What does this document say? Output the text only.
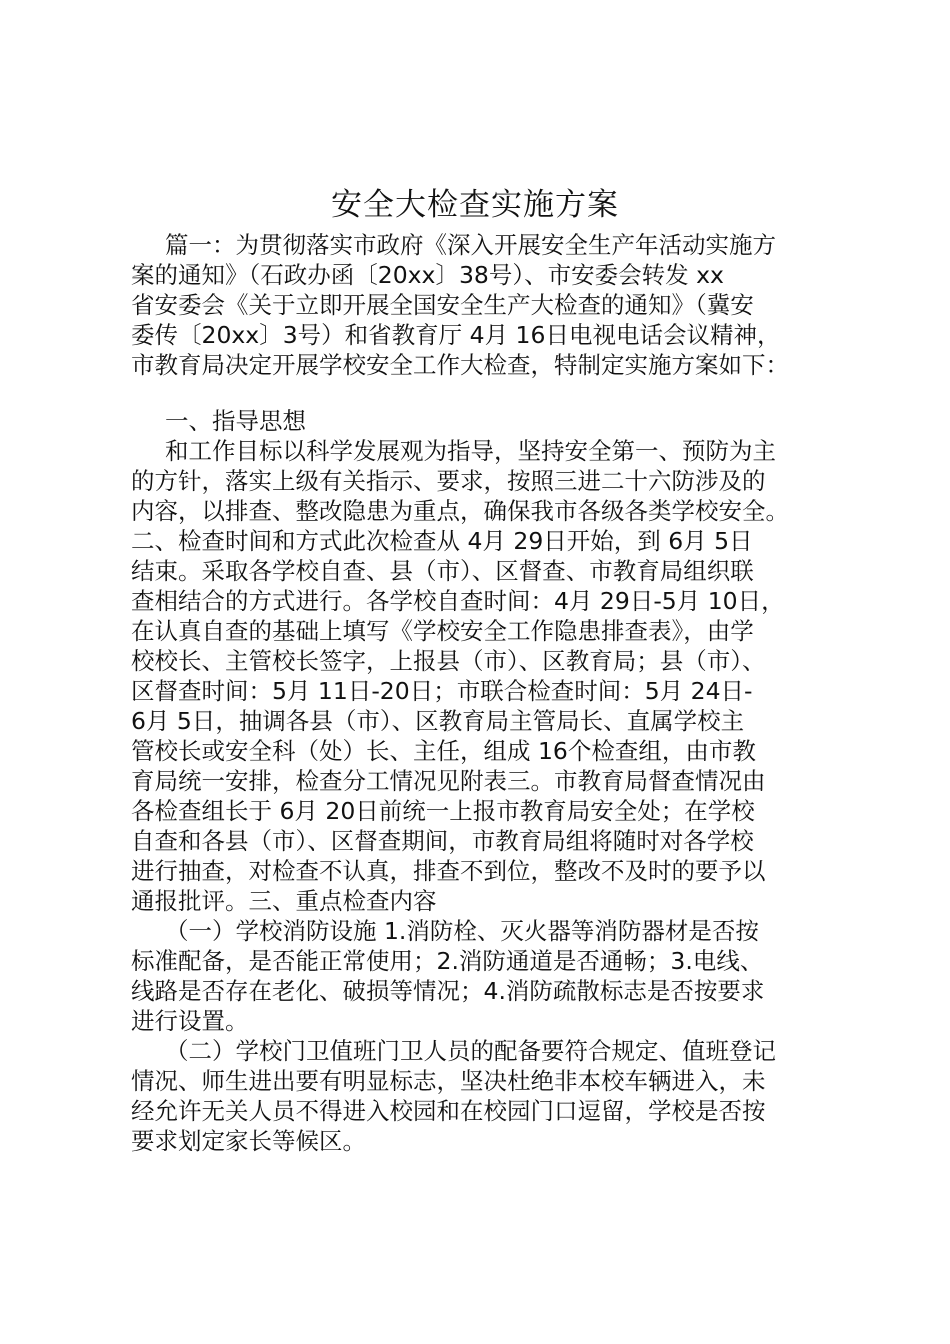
安全大检查实施方案
篇一：为贯彻落实市政府《深入开展安全生产年活动实施方
案的通知》（石政办函〔20xx〕38号）、市安委会转发 xx
省安委会《关于立即开展全国安全生产大检查的通知》（冀安
委传〔20xx〕3号）和省教育厅 4月 16日电视电话会议精神，
市教育局决定开展学校安全工作大检查，特制定实施方案如下：
一、指导思想
和工作目标以科学发展观为指导，坚持安全第一、预防为主
的方针，落实上级有关指示、要求，按照三进二十六防涉及的
内容，以排查、整改隐患为重点，确保我市各级各类学校安全。
二、检查时间和方式此次检查从 4月 29日开始，到 6月 5日
结束。采取各学校自查、县（市）、区督查、市教育局组织联
查相结合的方式进行。各学校自查时间：4月 29日-5月 10日，
在认真自查的基础上填写《学校安全工作隐患排查表》，由学
校校长、主管校长签字，上报县（市）、区教育局；县（市）、
区督查时间：5月 11日-20日；市联合检查时间：5月 24日-
6月 5日，抽调各县（市）、区教育局主管局长、直属学校主
管校长或安全科（处）长、主任，组成 16个检查组，由市教
育局统一安排，检查分工情况见附表三。市教育局督查情况由
各检查组长于 6月 20日前统一上报市教育局安全处；在学校
自查和各县（市）、区督查期间，市教育局组将随时对各学校
进行抽查，对检查不认真，排查不到位，整改不及时的要予以
通报批评。三、重点检查内容
（一）学校消防设施 1.消防栓、灭火器等消防器材是否按
标准配备，是否能正常使用；2.消防通道是否通畅；3.电线、
线路是否存在老化、破损等情况；4.消防疏散标志是否按要求
进行设置。
（二）学校门卫值班门卫人员的配备要符合规定、值班登记
情况、师生进出要有明显标志，坚决杜绝非本校车辆进入，未
经允许无关人员不得进入校园和在校园门口逗留，学校是否按
要求划定家长等候区。
